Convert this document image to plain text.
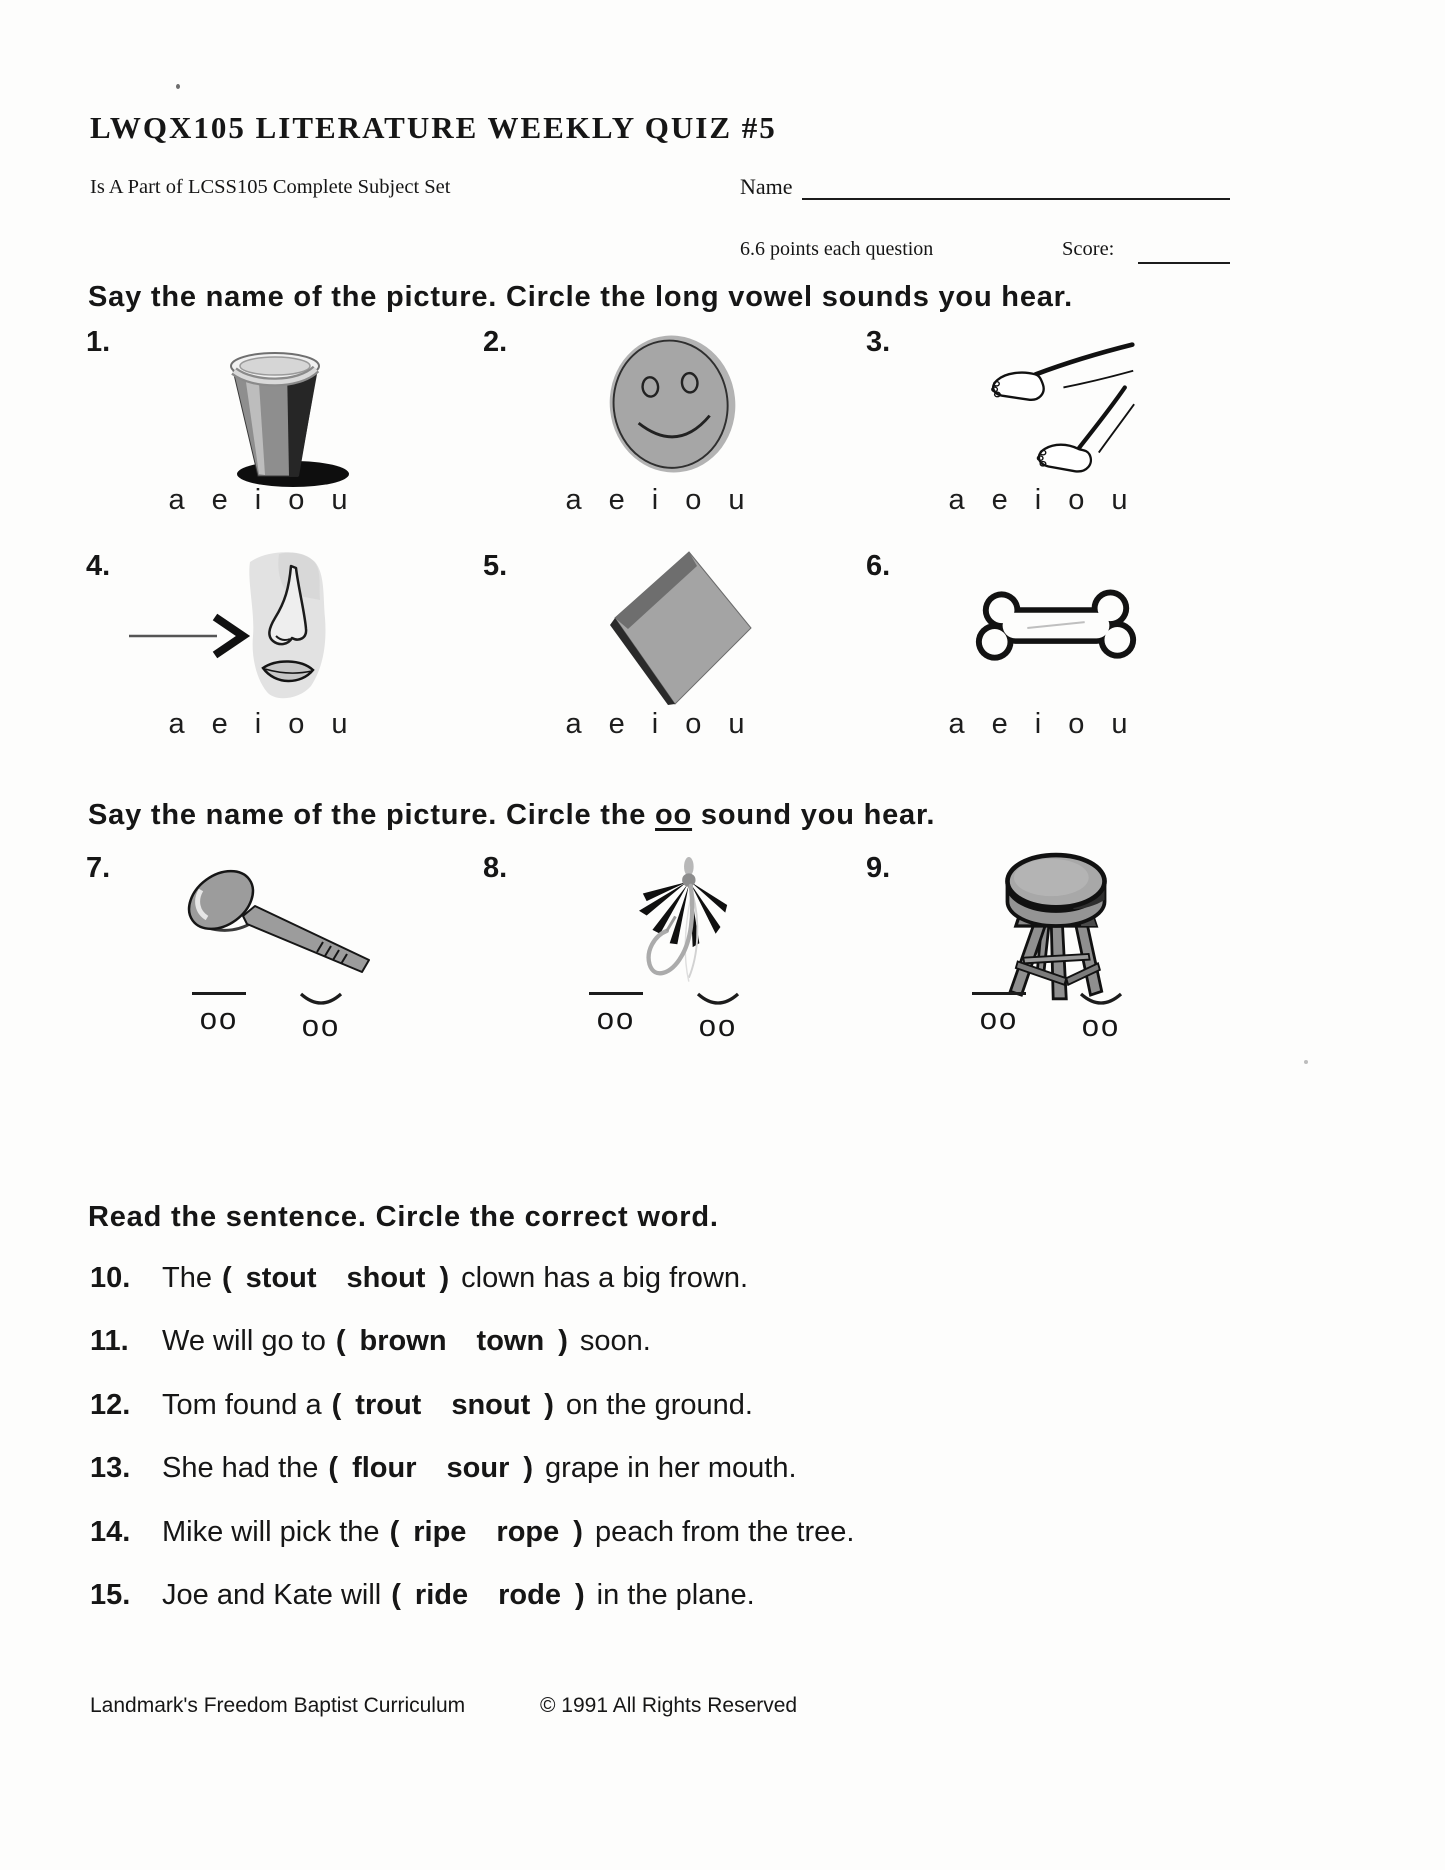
LWQX105 LITERATURE WEEKLY QUIZ #5
Is A Part of LCSS105 Complete Subject Set	Name
6.6 points each question	Score:
Say the name of the picture. Circle the long vowel sounds you hear.
1.
a e i o u
2.
a e i o u
3.
a e i o u
4.
a e i o u
5.
a e i o u
6.
a e i o u
Say the name of the picture. Circle the oo sound you hear.
7.
oo oo
8.
oo oo
9.
oo oo
Read the sentence. Circle the correct word.
10. The ( stout shout ) clown has a big frown.
11. We will go to ( brown town ) soon.
12. Tom found a ( trout snout ) on the ground.
13. She had the ( flour sour ) grape in her mouth.
14. Mike will pick the ( ripe rope ) peach from the tree.
15. Joe and Kate will ( ride rode ) in the plane.
Landmark's Freedom Baptist Curriculum	© 1991 All Rights Reserved
